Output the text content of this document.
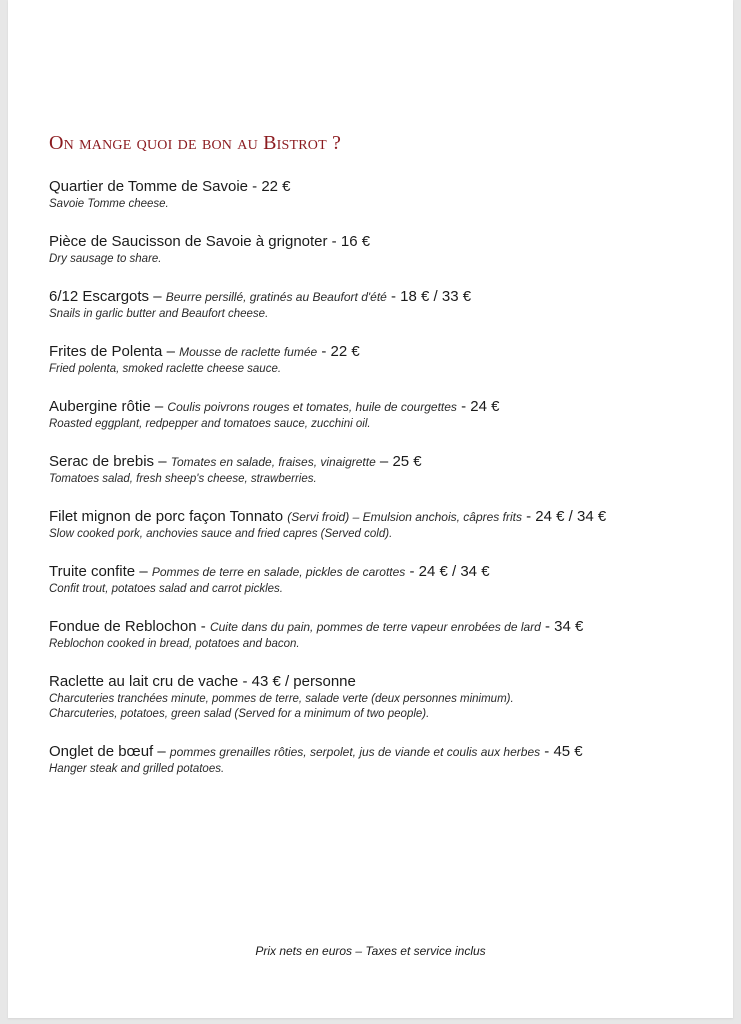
On mange quoi de bon au Bistrot ?
Quartier de Tomme de Savoie - 22 €
Savoie Tomme cheese.
Pièce de Saucisson de Savoie à grignoter - 16 €
Dry sausage to share.
6/12 Escargots – Beurre persillé, gratinés au Beaufort d'été - 18 € / 33 €
Snails in garlic butter and Beaufort cheese.
Frites de Polenta – Mousse de raclette fumée - 22 €
Fried polenta, smoked raclette cheese sauce.
Aubergine rôtie – Coulis poivrons rouges et tomates, huile de courgettes - 24 €
Roasted eggplant, redpepper and tomatoes sauce, zucchini oil.
Serac de brebis – Tomates en salade, fraises, vinaigrette – 25 €
Tomatoes salad, fresh sheep's cheese, strawberries.
Filet mignon de porc façon Tonnato (Servi froid) – Emulsion anchois, câpres frits - 24 € / 34 €
Slow cooked pork, anchovies sauce and fried capres (Served cold).
Truite confite – Pommes de terre en salade, pickles de carottes - 24 € / 34 €
Confit trout, potatoes salad and carrot pickles.
Fondue de Reblochon - Cuite dans du pain, pommes de terre vapeur enrobées de lard - 34 €
Reblochon cooked in bread, potatoes and bacon.
Raclette au lait cru de vache - 43 € / personne
Charcuteries tranchées minute, pommes de terre, salade verte (deux personnes minimum).
Charcuteries, potatoes, green salad (Served for a minimum of two people).
Onglet de bœuf – pommes grenailles rôties, serpolet, jus de viande et coulis aux herbes - 45 €
Hanger steak and grilled potatoes.
Prix nets en euros – Taxes et service inclus
